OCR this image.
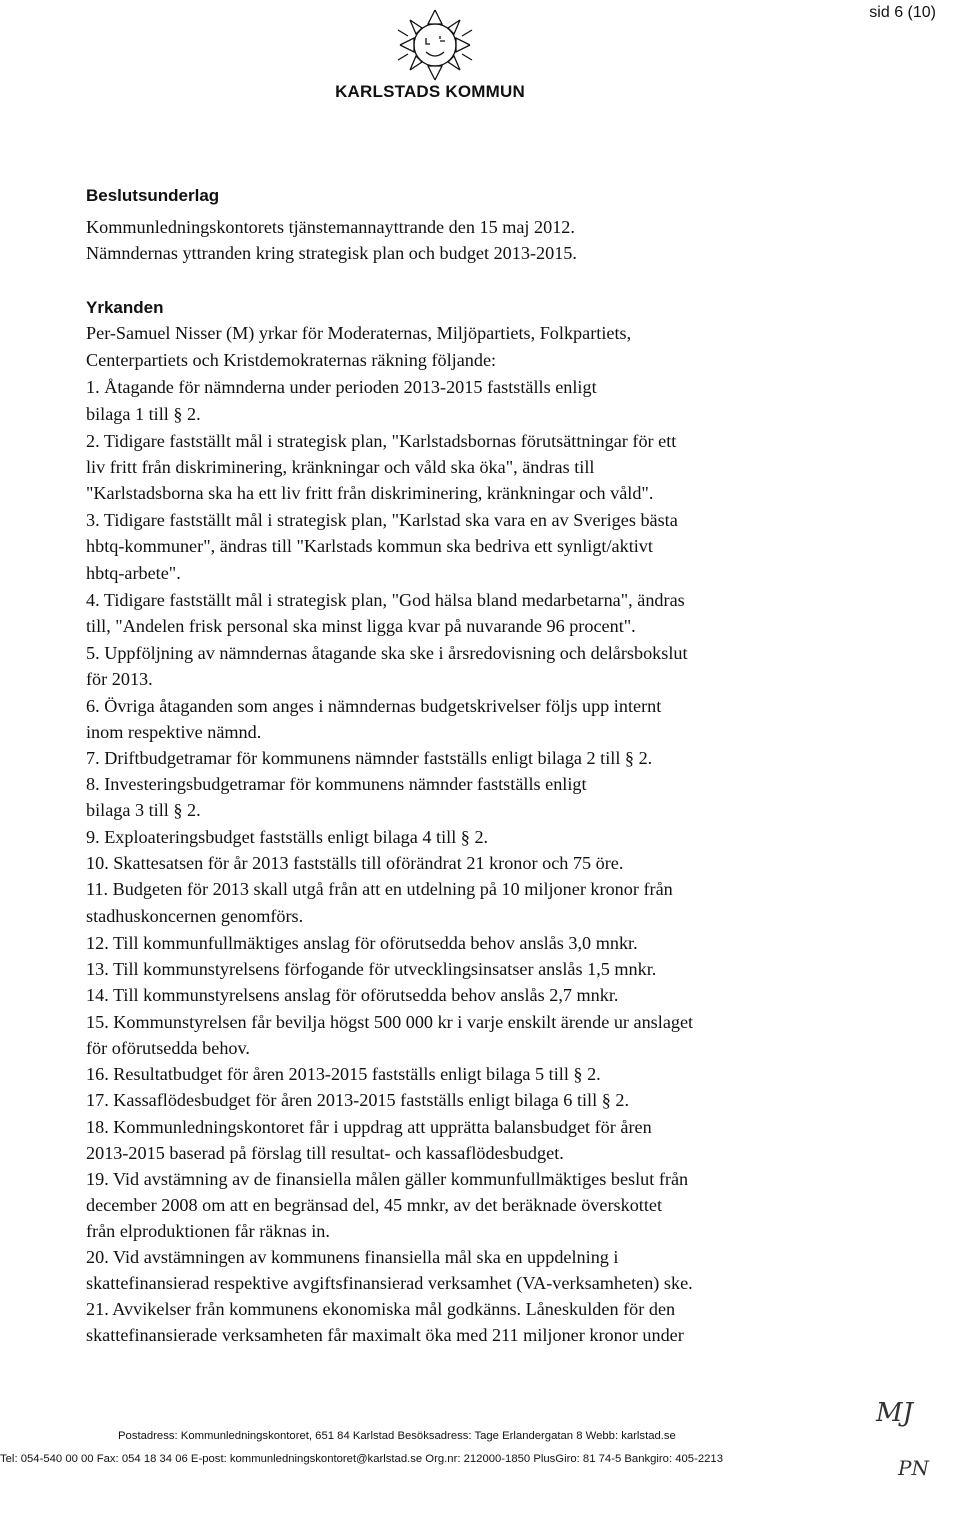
sid 6 (10)
KARLSTADS KOMMUN
Beslutsunderlag
Kommunledningskontorets tjänstemannayttrande den 15 maj 2012.
Nämndernas yttranden kring strategisk plan och budget 2013-2015.
Yrkanden
Per-Samuel Nisser (M) yrkar för Moderaternas, Miljöpartiets, Folkpartiets,
Centerpartiets och Kristdemokraternas räkning följande:
1. Åtagande för nämnderna under perioden 2013-2015 fastställs enligt
bilaga 1 till § 2.
2. Tidigare fastställt mål i strategisk plan, "Karlstadsbornas förutsättningar för ett
liv fritt från diskriminering, kränkningar och våld ska öka", ändras till
"Karlstadsborna ska ha ett liv fritt från diskriminering, kränkningar och våld".
3. Tidigare fastställt mål i strategisk plan, "Karlstad ska vara en av Sveriges bästa
hbtq-kommuner", ändras till "Karlstads kommun ska bedriva ett synligt/aktivt
hbtq-arbete".
4. Tidigare fastställt mål i strategisk plan, "God hälsa bland medarbetarna", ändras
till, "Andelen frisk personal ska minst ligga kvar på nuvarande 96 procent".
5. Uppföljning av nämndernas åtagande ska ske i årsredovisning och delårsbokslut
för 2013.
6. Övriga åtaganden som anges i nämndernas budgetskrivelser följs upp internt
inom respektive nämnd.
7. Driftbudgetramar för kommunens nämnder fastställs enligt bilaga 2 till § 2.
8. Investeringsbudgetramar för kommunens nämnder fastställs enligt
bilaga 3 till § 2.
9. Exploateringsbudget fastställs enligt bilaga 4 till § 2.
10. Skattesatsen för år 2013 fastställs till oförändrat 21 kronor och 75 öre.
11. Budgeten för 2013 skall utgå från att en utdelning på 10 miljoner kronor från
stadhuskoncernen genomförs.
12. Till kommunfullmäktiges anslag för oförutsedda behov anslås 3,0 mnkr.
13. Till kommunstyrelsens förfogande för utvecklingsinsatser anslås 1,5 mnkr.
14. Till kommunstyrelsens anslag för oförutsedda behov anslås 2,7 mnkr.
15. Kommunstyrelsen får bevilja högst 500 000 kr i varje enskilt ärende ur anslaget
för oförutsedda behov.
16. Resultatbudget för åren 2013-2015 fastställs enligt bilaga 5 till § 2.
17. Kassaflödesbudget för åren 2013-2015 fastställs enligt bilaga 6 till § 2.
18. Kommunledningskontoret får i uppdrag att upprätta balansbudget för åren
2013-2015 baserad på förslag till resultat- och kassaflödesbudget.
19. Vid avstämning av de finansiella målen gäller kommunfullmäktiges beslut från
december 2008 om att en begränsad del, 45 mnkr, av det beräknade överskottet
från elproduktionen får räknas in.
20. Vid avstämningen av kommunens finansiella mål ska en uppdelning i
skattefinansierad respektive avgiftsfinansierad verksamhet (VA-verksamheten) ske.
21. Avvikelser från kommunens ekonomiska mål godkänns. Låneskulden för den
skattefinansierade verksamheten får maximalt öka med 211 miljoner kronor under
Postadress: Kommunledningskontoret, 651 84 Karlstad Besöksadress: Tage Erlandergatan 8 Webb: karlstad.se
Tel: 054-540 00 00 Fax: 054 18 34 06 E-post: kommunledningskontoret@karlstad.se Org.nr: 212000-1850 PlusGiro: 81 74-5 Bankgiro: 405-2213
MJ
PN
